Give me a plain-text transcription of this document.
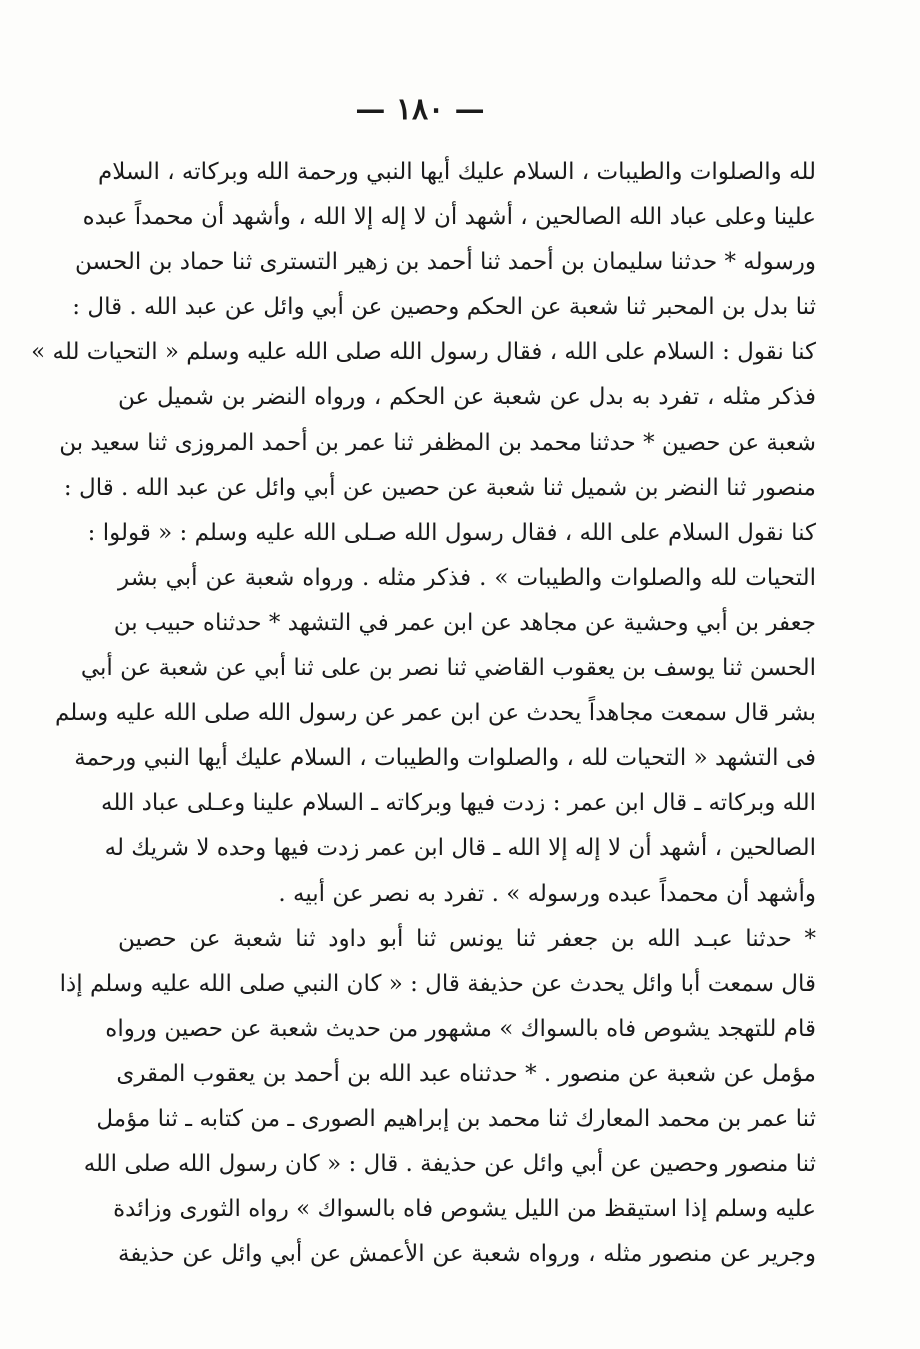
— ١٨٠ —
لله والصلوات والطيبات ، السلام عليك أيها النبي ورحمة الله وبركاته ، السلام
علينا وعلى عباد الله الصالحين ، أشهد أن لا إله إلا الله ، وأشهد أن محمداً عبده
ورسوله * حدثنا سليمان بن أحمد ثنا أحمد بن زهير التسترى ثنا حماد بن الحسن
ثنا بدل بن المحبر ثنا شعبة عن الحكم وحصين عن أبي وائل عن عبد الله . قال :
كنا نقول : السلام على الله ، فقال رسول الله صلى الله عليه وسلم « التحيات لله »
فذكر مثله ، تفرد به بدل عن شعبة عن الحكم ، ورواه النضر بن شميل عن
شعبة عن حصين * حدثنا محمد بن المظفر ثنا عمر بن أحمد المروزى ثنا سعيد بن
منصور ثنا النضر بن شميل ثنا شعبة عن حصين عن أبي وائل عن عبد الله . قال :
كنا نقول السلام على الله ، فقال رسول الله صـلى الله عليه وسلم : « قولوا :
التحيات لله والصلوات والطيبات » . فذكر مثله . ورواه شعبة عن أبي بشر
جعفر بن أبي وحشية عن مجاهد عن ابن عمر في التشهد * حدثناه حبيب بن
الحسن ثنا يوسف بن يعقوب القاضي ثنا نصر بن على ثنا أبي عن شعبة عن أبي
بشر قال سمعت مجاهداً يحدث عن ابن عمر عن رسول الله صلى الله عليه وسلم
فى التشهد « التحيات لله ، والصلوات والطيبات ، السلام عليك أيها النبي ورحمة
الله وبركاته ـ قال ابن عمر : زدت فيها وبركاته ـ السلام علينا وعـلى عباد الله
الصالحين ، أشهد أن لا إله إلا الله ـ قال ابن عمر زدت فيها وحده لا شريك له
وأشهد أن محمداً عبده ورسوله » . تفرد به نصر عن أبيه .
* حدثنا عبـد الله بن جعفر ثنا يونس ثنا أبو داود ثنا شعبة عن حصين
قال سمعت أبا وائل يحدث عن حذيفة قال : « كان النبي صلى الله عليه وسلم إذا
قام للتهجد يشوص فاه بالسواك » مشهور من حديث شعبة عن حصين ورواه
مؤمل عن شعبة عن منصور . * حدثناه عبد الله بن أحمد بن يعقوب المقرى
ثنا عمر بن محمد المعارك ثنا محمد بن إبراهيم الصورى ـ من كتابه ـ ثنا مؤمل
ثنا منصور وحصين عن أبي وائل عن حذيفة . قال : « كان رسول الله صلى الله
عليه وسلم إذا استيقظ من الليل يشوص فاه بالسواك » رواه الثورى وزائدة
وجرير عن منصور مثله ، ورواه شعبة عن الأعمش عن أبي وائل عن حذيفة
